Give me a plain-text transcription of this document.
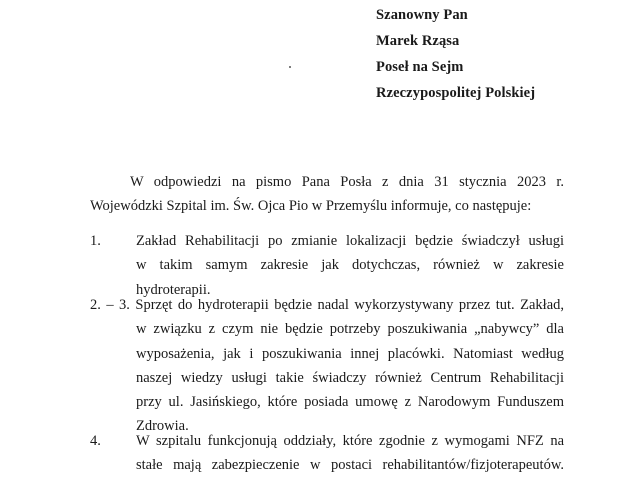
Szanowny Pan
Marek Rząsa
Poseł na Sejm
Rzeczypospolitej Polskiej
W odpowiedzi na pismo Pana Posła z dnia 31 stycznia 2023 r.
Wojewódzki Szpital im. Św. Ojca Pio w Przemyślu informuje, co następuje:
1. Zakład Rehabilitacji po zmianie lokalizacji będzie świadczył usługi
w takim samym zakresie jak dotychczas, również w zakresie
hydroterapii.
2. – 3. Sprzęt do hydroterapii będzie nadal wykorzystywany przez tut. Zakład,
w związku z czym nie będzie potrzeby poszukiwania „nabywcy” dla
wyposażenia, jak i poszukiwania innej placówki. Natomiast według
naszej wiedzy usługi takie świadczy również Centrum Rehabilitacji
przy ul. Jasińskiego, które posiada umowę z Narodowym Funduszem
Zdrowia.
4. W szpitalu funkcjonują oddziały, które zgodnie z wymogami NFZ na
stałe mają zabezpieczenie w postaci rehabilitantów/fizjoterapeutów.
